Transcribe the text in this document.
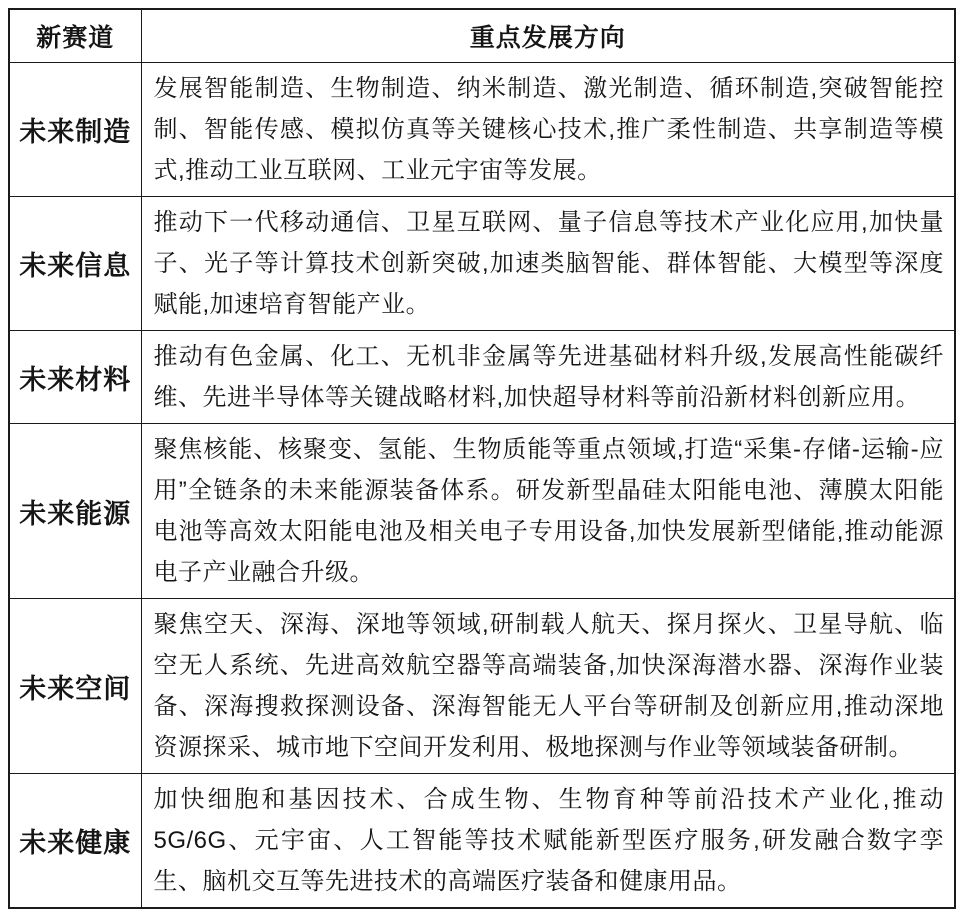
新赛道	重点发展方向
未来制造	发展智能制造、生物制造、纳米制造、激光制造、循环制造,突破智能控制、智能传感、模拟仿真等关键核心技术,推广柔性制造、共享制造等模式,推动工业互联网、工业元宇宙等发展。
未来信息	推动下一代移动通信、卫星互联网、量子信息等技术产业化应用,加快量子、光子等计算技术创新突破,加速类脑智能、群体智能、大模型等深度赋能,加速培育智能产业。
未来材料	推动有色金属、化工、无机非金属等先进基础材料升级,发展高性能碳纤维、先进半导体等关键战略材料,加快超导材料等前沿新材料创新应用。
未来能源	聚焦核能、核聚变、氢能、生物质能等重点领域,打造“采集-存储-运输-应用”全链条的未来能源装备体系。研发新型晶硅太阳能电池、薄膜太阳能电池等高效太阳能电池及相关电子专用设备,加快发展新型储能,推动能源电子产业融合升级。
未来空间	聚焦空天、深海、深地等领域,研制载人航天、探月探火、卫星导航、临空无人系统、先进高效航空器等高端装备,加快深海潜水器、深海作业装备、深海搜救探测设备、深海智能无人平台等研制及创新应用,推动深地资源探采、城市地下空间开发利用、极地探测与作业等领域装备研制。
未来健康	加快细胞和基因技术、合成生物、生物育种等前沿技术产业化,推动5G/6G、元宇宙、人工智能等技术赋能新型医疗服务,研发融合数字孪生、脑机交互等先进技术的高端医疗装备和健康用品。
